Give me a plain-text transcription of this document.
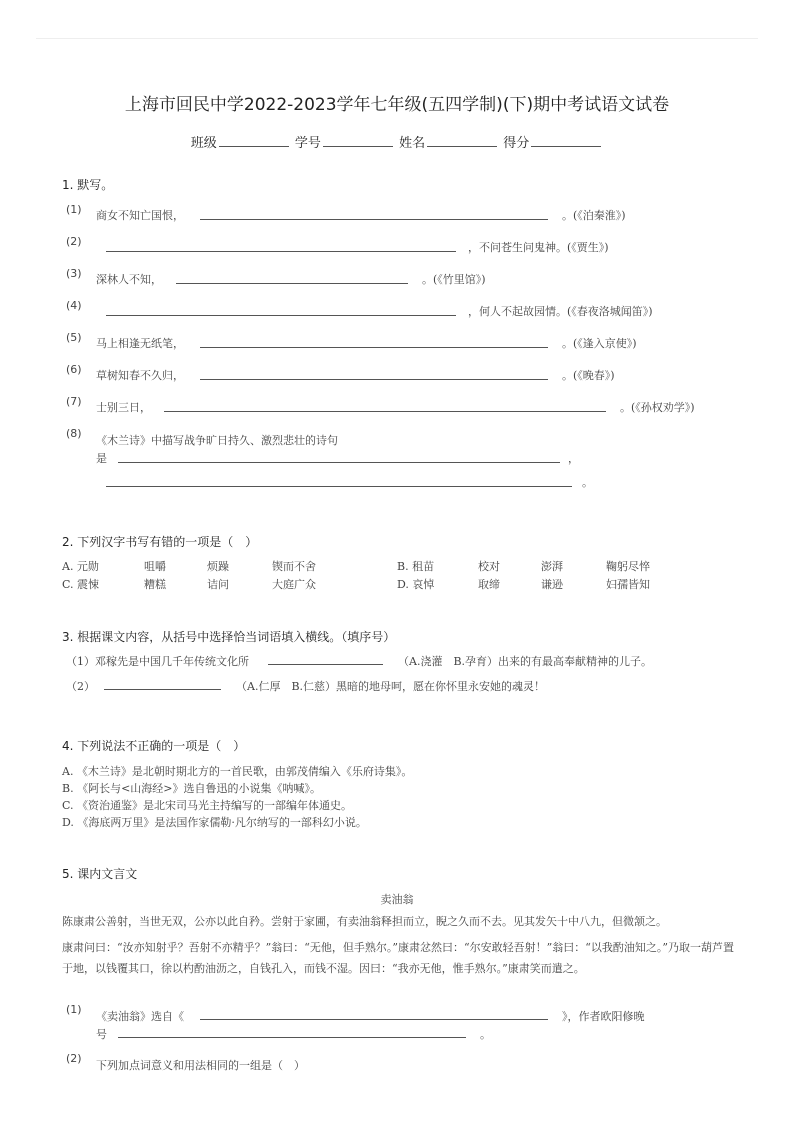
上海市回民中学2022-2023学年七年级(五四学制)(下)期中考试语文试卷
班级	学号	姓名	得分
1. 默写。
(1) 商女不知亡国恨，	。(《泊秦淮》)
(2)	，不问苍生问鬼神。(《贾生》)
(3) 深林人不知，	。(《竹里馆》)
(4)	，何人不起故园情。(《春夜洛城闻笛》)
(5) 马上相逢无纸笔，	。(《逢入京使》)
(6) 草树知春不久归，	。(《晚春》)
(7) 士别三日，	。(《孙权劝学》)
(8)
《木兰诗》中描写战争旷日持久、激烈悲壮的诗句
是	，
。
2. 下列汉字书写有错的一项是（　）
A. 元勋	咀嚼	烦躁	锲而不舍	B. 租苗	校对	澎湃	鞠躬尽悴
C. 震悚	糟糕	诘问	大庭广众	D. 哀悼	取缔	谦逊	妇孺皆知
3. 根据课文内容，从括号中选择恰当词语填入横线。（填序号）
（1）邓稼先是中国几千年传统文化所	（A.浇灌　B.孕育）出来的有最高奉献精神的儿子。
（2）	（A.仁厚　B.仁慈）黑暗的地母呵，愿在你怀里永安她的魂灵！
4. 下列说法不正确的一项是（　）
A. 《木兰诗》是北朝时期北方的一首民歌，由郭茂倩编入《乐府诗集》。
B. 《阿长与<山海经>》选自鲁迅的小说集《呐喊》。
C. 《资治通鉴》是北宋司马光主持编写的一部编年体通史。
D. 《海底两万里》是法国作家儒勒·凡尔纳写的一部科幻小说。
5. 课内文言文
卖油翁
陈康肃公善射，当世无双，公亦以此自矜。尝射于家圃，有卖油翁释担而立，睨之久而不去。见其发矢十中八九，但微颔之。
康肃问曰：“汝亦知射乎？吾射不亦精乎？”翁曰：“无他，但手熟尔。”康肃忿然曰：“尔安敢轻吾射！”翁曰：“以我酌油知之。”乃取一葫芦置于地，以钱覆其口，徐以杓酌油沥之，自钱孔入，而钱不湿。因曰：“我亦无他，惟手熟尔。”康肃笑而遣之。
(1)
《卖油翁》选自《	》，作者欧阳修晚
号	。
(2)
下列加点词意义和用法相同的一组是（　）
